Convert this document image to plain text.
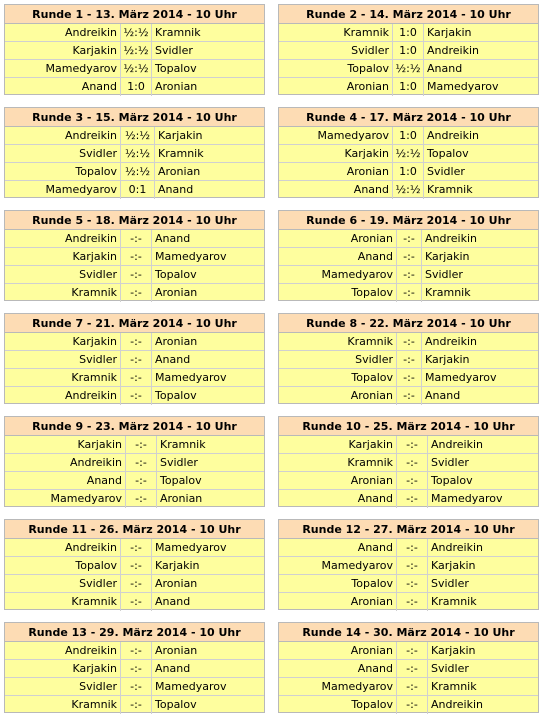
Runde 1 - 13. März 2014 - 10 Uhr
Andreikin ½:½ Kramnik
Karjakin ½:½ Svidler
Mamedyarov ½:½ Topalov
Anand 1:0 Aronian
Runde 2 - 14. März 2014 - 10 Uhr
Kramnik 1:0 Karjakin
Svidler 1:0 Andreikin
Topalov ½:½ Anand
Aronian 1:0 Mamedyarov
Runde 3 - 15. März 2014 - 10 Uhr
Andreikin ½:½ Karjakin
Svidler ½:½ Kramnik
Topalov ½:½ Aronian
Mamedyarov	0:1	Anand
Runde 4 - 17. März 2014 - 10 Uhr
Mamedyarov 1:0 Andreikin
Karjakin ½:½ Topalov
Aronian 1:0 Svidler
Anand ½:½ Kramnik
Runde 5 - 18. März 2014 - 10 Uhr
Andreikin	-:-	Anand
Karjakin	-:-	Mamedyarov
Svidler	-:-	Topalov
Kramnik	-:-	Aronian
Runde 6 - 19. März 2014 - 10 Uhr
Aronian -:- Andreikin
Anand -:- Karjakin
Mamedyarov -:- Svidler
Topalov -:- Kramnik
Runde 7 - 21. März 2014 - 10 Uhr
Karjakin	-:-	Aronian
Svidler	-:-	Anand
Kramnik	-:-	Mamedyarov
Andreikin	-:-	Topalov
Runde 8 - 22. März 2014 - 10 Uhr
Kramnik -:- Andreikin
Svidler -:- Karjakin
Topalov -:- Mamedyarov
Aronian -:- Anand
Runde 9 - 23. März 2014 - 10 Uhr
Karjakin	-:-	Kramnik
Andreikin	-:-	Svidler
Anand	-:-	Topalov
Mamedyarov	-:-	Aronian
Runde 10 - 25. März 2014 - 10 Uhr
Karjakin	-:-	Andreikin
Kramnik	-:-	Svidler
Aronian	-:-	Topalov
Anand	-:-	Mamedyarov
Runde 11 - 26. März 2014 - 10 Uhr
Andreikin	-:-	Mamedyarov
Topalov	-:-	Karjakin
Svidler	-:-	Aronian
Kramnik	-:-	Anand
Runde 12 - 27. März 2014 - 10 Uhr
Anand	-:-	Andreikin
Mamedyarov	-:-	Karjakin
Topalov	-:-	Svidler
Aronian	-:-	Kramnik
Runde 13 - 29. März 2014 - 10 Uhr
Andreikin	-:-	Aronian
Karjakin	-:-	Anand
Svidler	-:-	Mamedyarov
Kramnik	-:-	Topalov
Runde 14 - 30. März 2014 - 10 Uhr
Aronian	-:-	Karjakin
Anand	-:-	Svidler
Mamedyarov	-:-	Kramnik
Topalov	-:-	Andreikin
